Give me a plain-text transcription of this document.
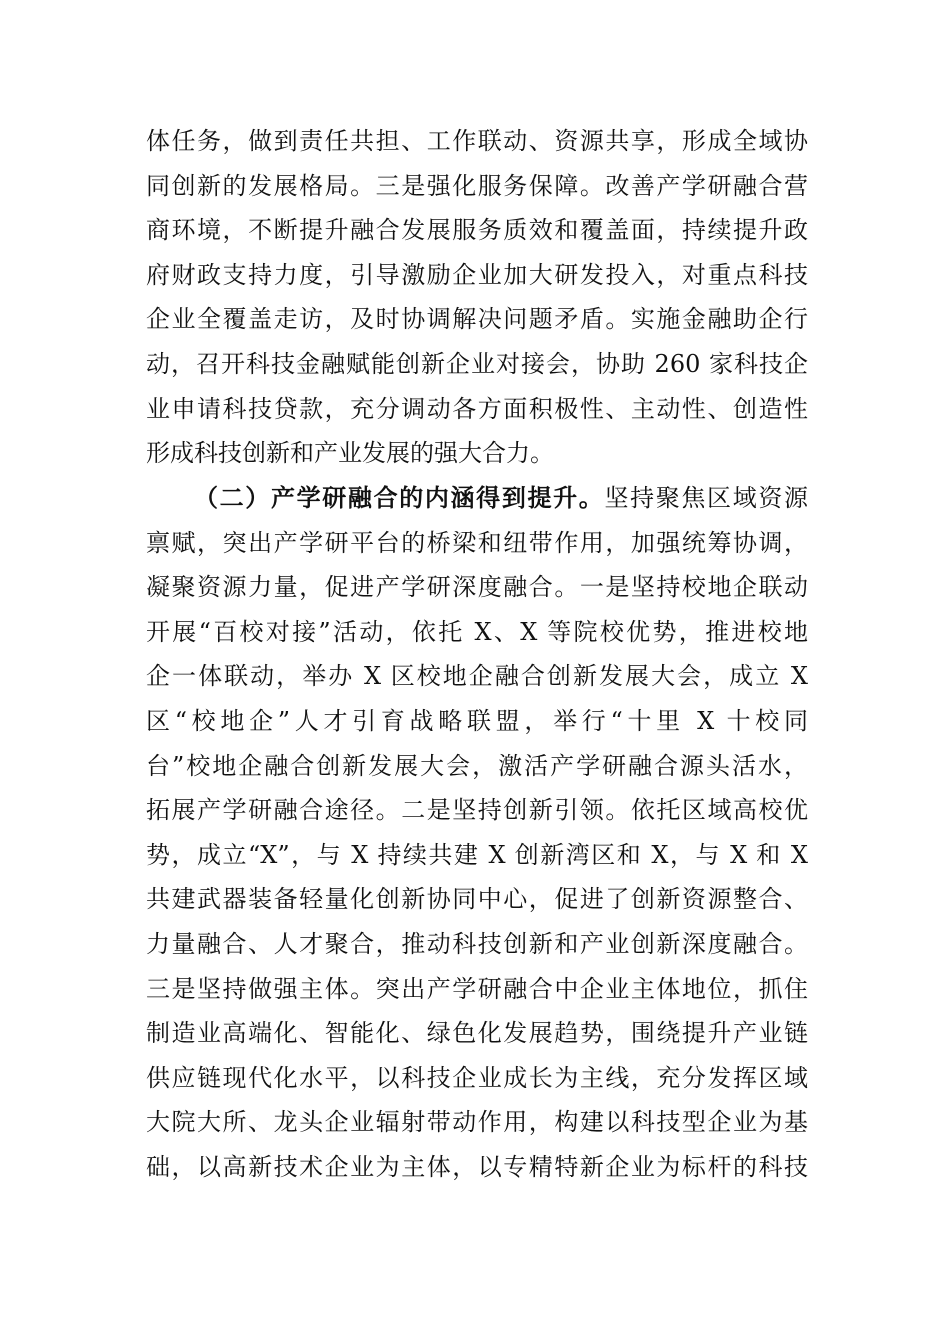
体任务，做到责任共担、工作联动、资源共享，形成全域协
同创新的发展格局。三是强化服务保障。改善产学研融合营
商环境，不断提升融合发展服务质效和覆盖面，持续提升政
府财政支持力度，引导激励企业加大研发投入，对重点科技
企业全覆盖走访，及时协调解决问题矛盾。实施金融助企行
动，召开科技金融赋能创新企业对接会，协助 260 家科技企
业申请科技贷款，充分调动各方面积极性、主动性、创造性
形成科技创新和产业发展的强大合力。
（二）产学研融合的内涵得到提升。坚持聚焦区域资源
禀赋，突出产学研平台的桥梁和纽带作用，加强统筹协调，
凝聚资源力量，促进产学研深度融合。一是坚持校地企联动
开展“百校对接”活动，依托 X、X 等院校优势，推进校地
企一体联动，举办 X 区校地企融合创新发展大会，成立 X
区“校地企”人才引育战略联盟，举行“十里 X 十校同
台”校地企融合创新发展大会，激活产学研融合源头活水，
拓展产学研融合途径。二是坚持创新引领。依托区域高校优
势，成立“X”，与 X 持续共建 X 创新湾区和 X，与 X 和 X
共建武器装备轻量化创新协同中心，促进了创新资源整合、
力量融合、人才聚合，推动科技创新和产业创新深度融合。
三是坚持做强主体。突出产学研融合中企业主体地位，抓住
制造业高端化、智能化、绿色化发展趋势，围绕提升产业链
供应链现代化水平，以科技企业成长为主线，充分发挥区域
大院大所、龙头企业辐射带动作用，构建以科技型企业为基
础，以高新技术企业为主体，以专精特新企业为标杆的科技
